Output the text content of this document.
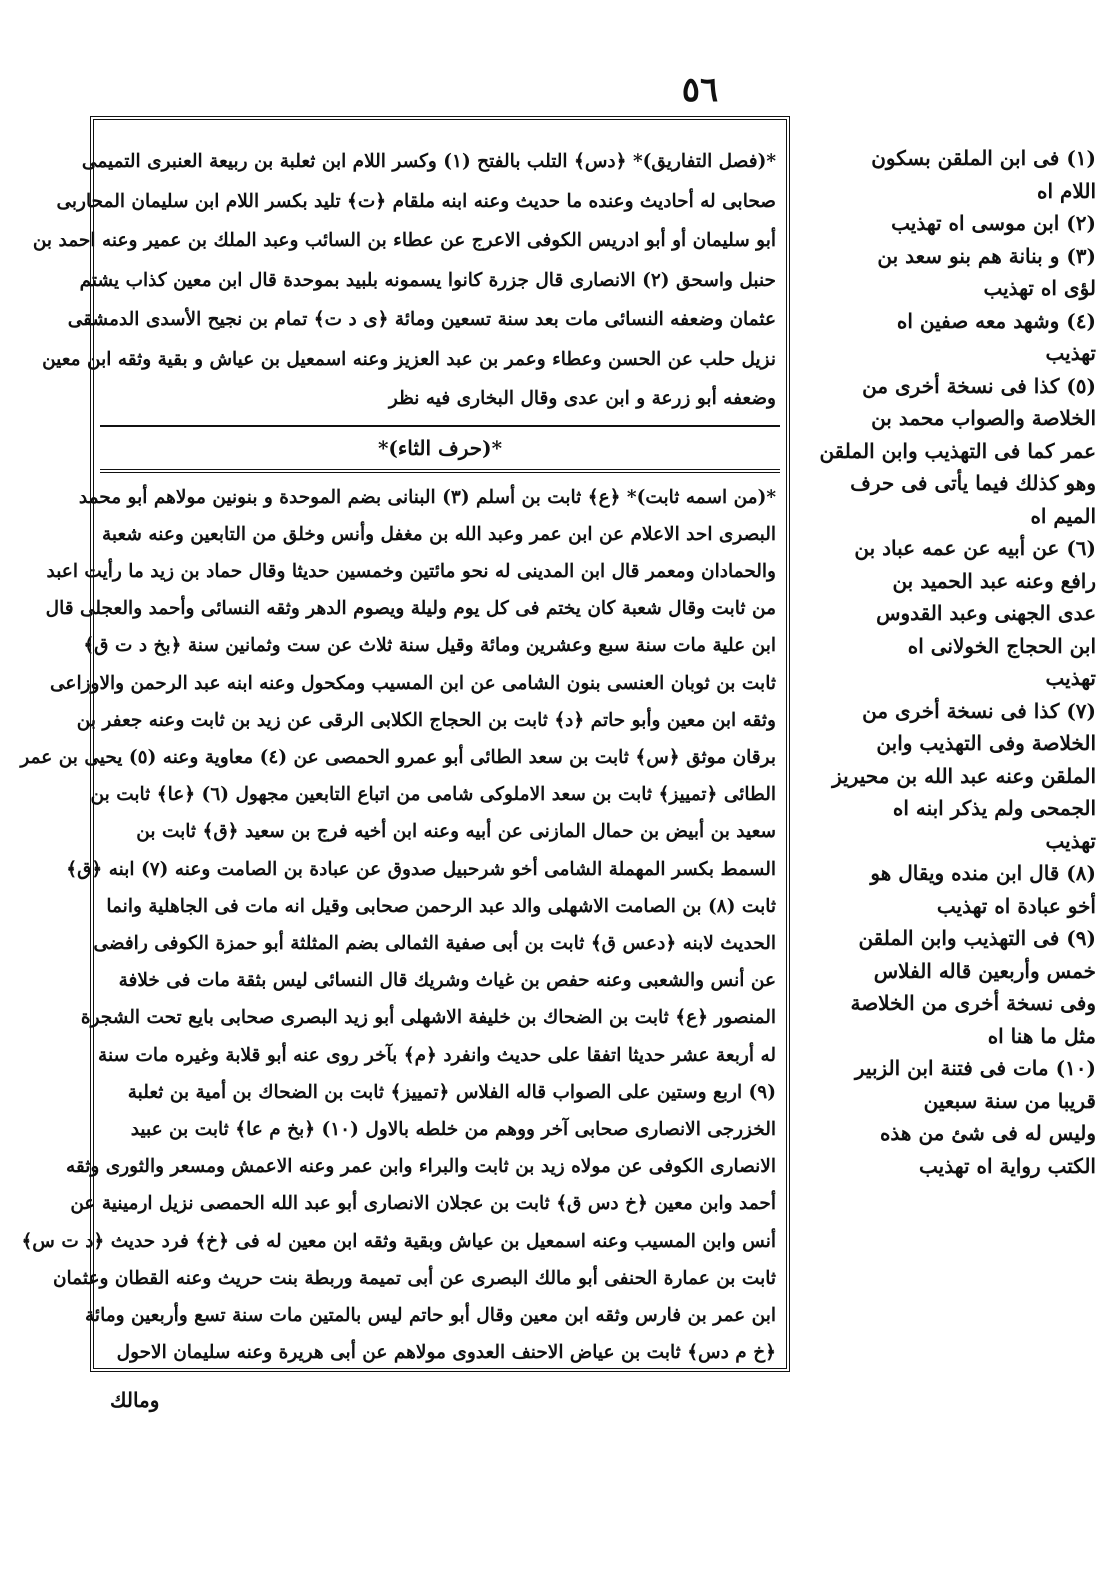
٥٦
*(فصل التفاريق)* ﴿دس﴾ التلب بالفتح (١) وكسر اللام ابن ثعلبة بن ربيعة العنبرى التميمى
صحابى له أحاديث وعنده ما حديث وعنه ابنه ملقام ﴿ت﴾ تليد بكسر اللام ابن سليمان المحاربى
أبو سليمان أو أبو ادريس الكوفى الاعرج عن عطاء بن السائب وعبد الملك بن عمير وعنه احمد بن
حنبل واسحق (٢) الانصارى قال جزرة كانوا يسمونه بلبيد بموحدة قال ابن معين كذاب يشتم
عثمان وضعفه النسائى مات بعد سنة تسعين ومائة ﴿ى د ت﴾ تمام بن نجيح الأسدى الدمشقى
نزيل حلب عن الحسن وعطاء وعمر بن عبد العزيز وعنه اسمعيل بن عياش و بقية وثقه ابن معين
وضعفه أبو زرعة و ابن عدى وقال البخارى فيه نظر
*(حرف الثاء)*
*(من اسمه ثابت)* ﴿ع﴾ ثابت بن أسلم (٣) البنانى بضم الموحدة و بنونين مولاهم أبو محمد
البصرى احد الاعلام عن ابن عمر وعبد الله بن مغفل وأنس وخلق من التابعين وعنه شعبة
والحمادان ومعمر قال ابن المدينى له نحو مائتين وخمسين حديثا وقال حماد بن زيد ما رأيت اعبد
من ثابت وقال شعبة كان يختم فى كل يوم وليلة ويصوم الدهر وثقه النسائى وأحمد والعجلى قال
ابن علية مات سنة سبع وعشرين ومائة وقيل سنة ثلاث عن ست وثمانين سنة ﴿بخ د ت ق﴾
ثابت بن ثوبان العنسى بنون الشامى عن ابن المسيب ومكحول وعنه ابنه عبد الرحمن والاوزاعى
وثقه ابن معين وأبو حاتم ﴿د﴾ ثابت بن الحجاج الكلابى الرقى عن زيد بن ثابت وعنه جعفر بن
برقان موثق ﴿س﴾ ثابت بن سعد الطائى أبو عمرو الحمصى عن (٤) معاوية وعنه (٥) يحيى بن عمر
الطائى ﴿تمييز﴾ ثابت بن سعد الاملوكى شامى من اتباع التابعين مجهول (٦) ﴿عا﴾ ثابت بن
سعيد بن أبيض بن حمال المازنى عن أبيه وعنه ابن أخيه فرج بن سعيد ﴿ق﴾ ثابت بن
السمط بكسر المهملة الشامى أخو شرحبيل صدوق عن عبادة بن الصامت وعنه (٧) ابنه ﴿ق﴾
ثابت (٨) بن الصامت الاشهلى والد عبد الرحمن صحابى وقيل انه مات فى الجاهلية وانما
الحديث لابنه ﴿دعس ق﴾ ثابت بن أبى صفية الثمالى بضم المثلثة أبو حمزة الكوفى رافضى
عن أنس والشعبى وعنه حفص بن غياث وشريك قال النسائى ليس بثقة مات فى خلافة
المنصور ﴿ع﴾ ثابت بن الضحاك بن خليفة الاشهلى أبو زيد البصرى صحابى بايع تحت الشجرة
له أربعة عشر حديثا اتفقا على حديث وانفرد ﴿م﴾ بآخر روى عنه أبو قلابة وغيره مات سنة
(٩) اربع وستين على الصواب قاله الفلاس ﴿تمييز﴾ ثابت بن الضحاك بن أمية بن ثعلبة
الخزرجى الانصارى صحابى آخر ووهم من خلطه بالاول (١٠) ﴿بخ م عا﴾ ثابت بن عبيد
الانصارى الكوفى عن مولاه زيد بن ثابت والبراء وابن عمر وعنه الاعمش ومسعر والثورى وثقه
أحمد وابن معين ﴿خ دس ق﴾ ثابت بن عجلان الانصارى أبو عبد الله الحمصى نزيل ارمينية عن
أنس وابن المسيب وعنه اسمعيل بن عياش وبقية وثقه ابن معين له فى ﴿خ﴾ فرد حديث ﴿د ت س﴾
ثابت بن عمارة الحنفى أبو مالك البصرى عن أبى تميمة وربطة بنت حريث وعنه القطان وعثمان
ابن عمر بن فارس وثقه ابن معين وقال أبو حاتم ليس بالمتين مات سنة تسع وأربعين ومائة
﴿خ م دس﴾ ثابت بن عياض الاحنف العدوى مولاهم عن أبى هريرة وعنه سليمان الاحول
(١) فى ابن الملقن بسكون
اللام اه
(٢) ابن موسى اه تهذيب
(٣) و بنانة هم بنو سعد بن
لؤى اه تهذيب
(٤) وشهد معه صفين اه
تهذيب
(٥) كذا فى نسخة أخرى من
الخلاصة والصواب محمد بن
عمر كما فى التهذيب وابن الملقن
وهو كذلك فيما يأتى فى حرف
الميم اه
(٦) عن أبيه عن عمه عباد بن
رافع وعنه عبد الحميد بن
عدى الجهنى وعبد القدوس
ابن الحجاج الخولانى اه
تهذيب
(٧) كذا فى نسخة أخرى من
الخلاصة وفى التهذيب وابن
الملقن وعنه عبد الله بن محيريز
الجمحى ولم يذكر ابنه اه
تهذيب
(٨) قال ابن منده ويقال هو
أخو عبادة اه تهذيب
(٩) فى التهذيب وابن الملقن
خمس وأربعين قاله الفلاس
وفى نسخة أخرى من الخلاصة
مثل ما هنا اه
(١٠) مات فى فتنة ابن الزبير
قريبا من سنة سبعين
وليس له فى شئ من هذه
الكتب رواية اه تهذيب
ومالك
